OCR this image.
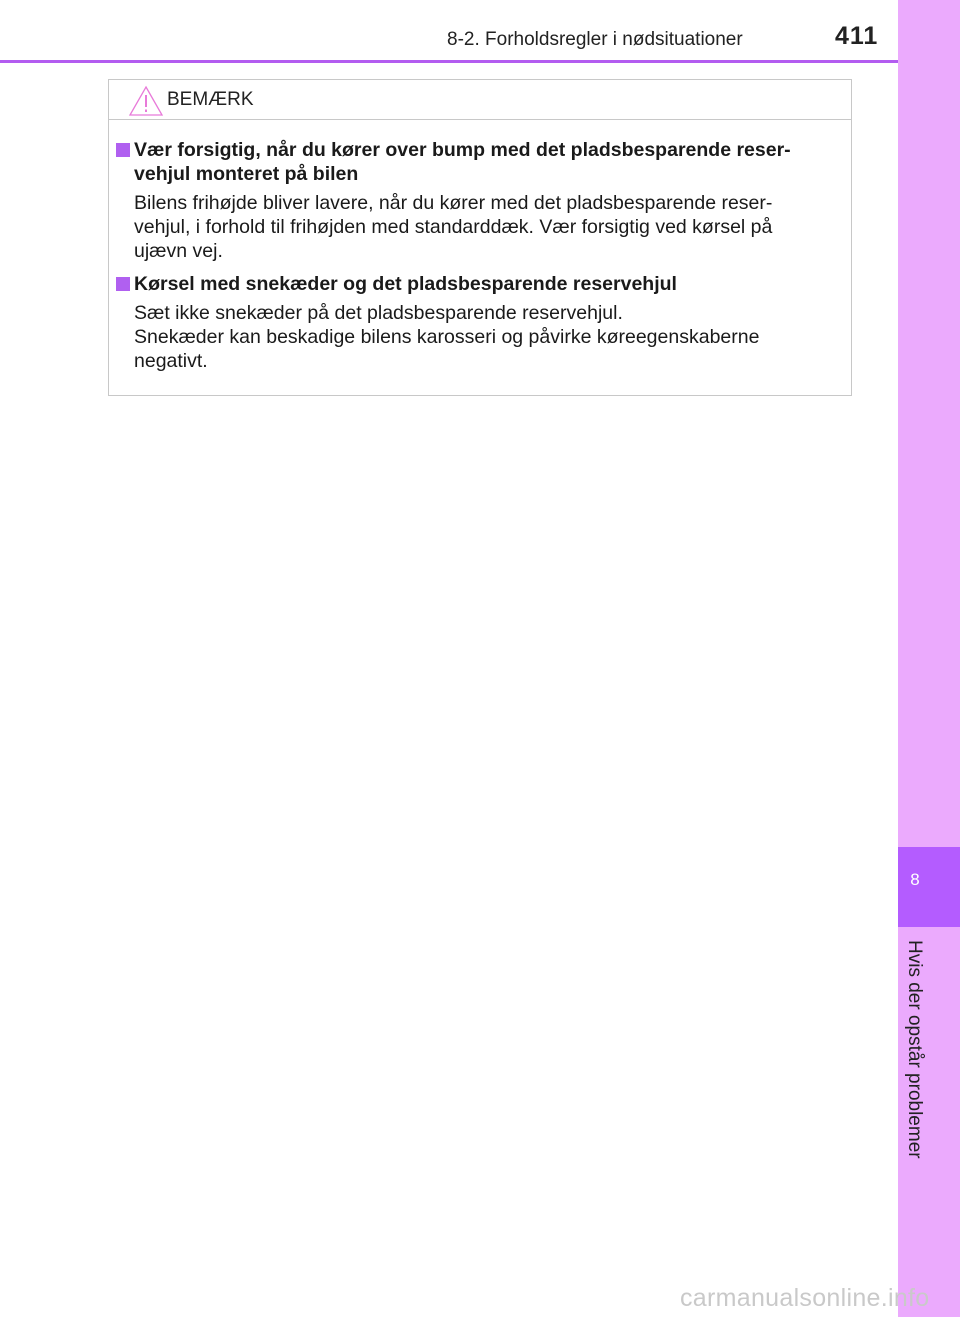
8
Hvis der opstår problemer
8-2. Forholdsregler i nødsituationer	411
BEMÆRK
Vær forsigtig, når du kører over bump med det pladsbesparende reser-
vehjul monteret på bilen
Bilens frihøjde bliver lavere, når du kører med det pladsbesparende reser-
vehjul, i forhold til frihøjden med standarddæk. Vær forsigtig ved kørsel på
ujævn vej.
Kørsel med snekæder og det pladsbesparende reservehjul
Sæt ikke snekæder på det pladsbesparende reservehjul.
Snekæder kan beskadige bilens karosseri og påvirke køreegenskaberne
negativt.
carmanualsonline.info
